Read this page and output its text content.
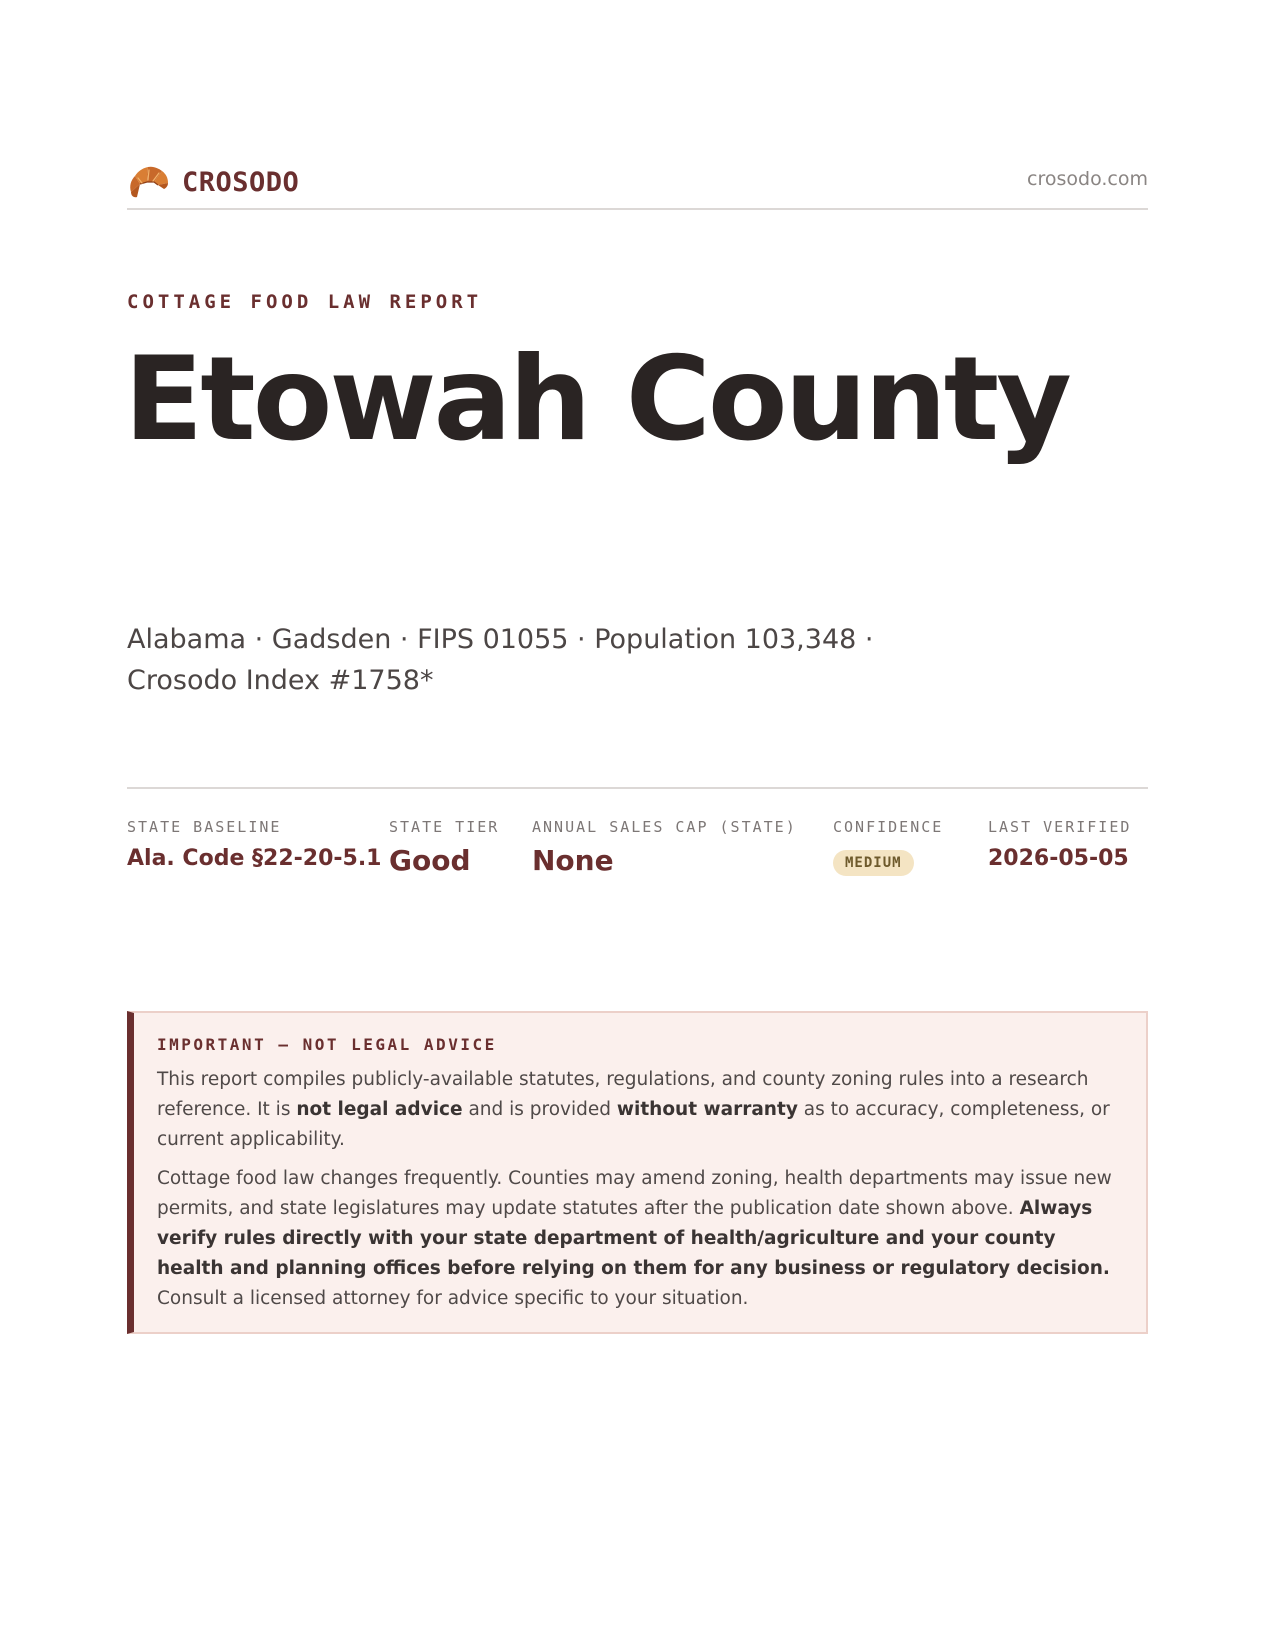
CROSODO	crosodo.com
COTTAGE FOOD LAW REPORT
Etowah County
Alabama · Gadsden · FIPS 01055 · Population 103,348 · Crosodo Index #1758*
STATE BASELINE
Ala. Code §22-20-5.1
STATE TIER
Good
ANNUAL SALES CAP (STATE)
None
CONFIDENCE
MEDIUM
LAST VERIFIED
2026-05-05
IMPORTANT — NOT LEGAL ADVICE

This report compiles publicly-available statutes, regulations, and county zoning rules into a research reference. It is not legal advice and is provided without warranty as to accuracy, completeness, or current applicability.

Cottage food law changes frequently. Counties may amend zoning, health departments may issue new permits, and state legislatures may update statutes after the publication date shown above. Always verify rules directly with your state department of health/agriculture and your county health and planning offices before relying on them for any business or regulatory decision. Consult a licensed attorney for advice specific to your situation.
